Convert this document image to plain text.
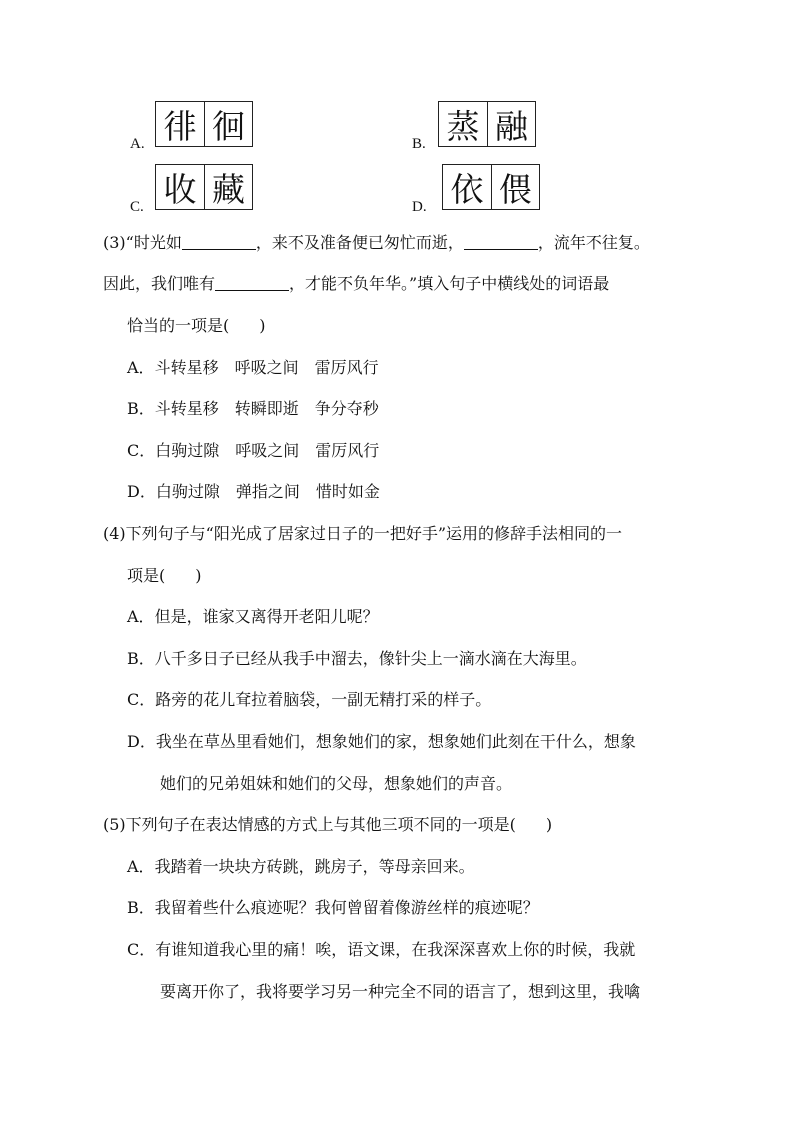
A. 徘 徊	B. 蒸 融
C. 收 藏	D. 依 偎
(3)“时光如	，来不及准备便已匆忙而逝，	，流年不往复。
因此，我们唯有	，才能不负年华。”填入句子中横线处的词语最
恰当的一项是( )
A．斗转星移　呼吸之间　雷厉风行
B．斗转星移　转瞬即逝　争分夺秒
C．白驹过隙　呼吸之间　雷厉风行
D．白驹过隙　弹指之间　惜时如金
(4)下列句子与“阳光成了居家过日子的一把好手”运用的修辞手法相同的一
项是( )
A．但是，谁家又离得开老阳儿呢？
B．八千多日子已经从我手中溜去，像针尖上一滴水滴在大海里。
C．路旁的花儿耷拉着脑袋，一副无精打采的样子。
D．我坐在草丛里看她们，想象她们的家，想象她们此刻在干什么，想象
她们的兄弟姐妹和她们的父母，想象她们的声音。
(5)下列句子在表达情感的方式上与其他三项不同的一项是( )
A．我踏着一块块方砖跳，跳房子，等母亲回来。
B．我留着些什么痕迹呢？我何曾留着像游丝样的痕迹呢？
C．有谁知道我心里的痛！唉，语文课，在我深深喜欢上你的时候，我就
要离开你了，我将要学习另一种完全不同的语言了，想到这里，我噙
